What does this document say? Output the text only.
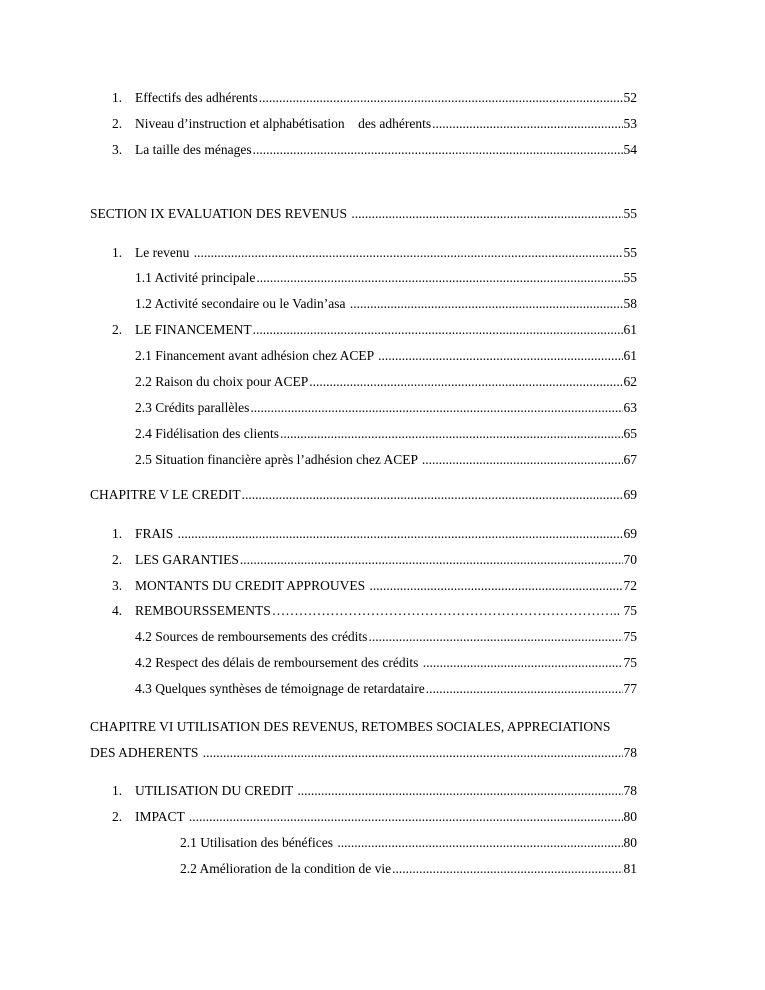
1. Effectifs des adhérents .....	52
2. Niveau d’instruction et alphabétisation    des adhérents .....	53
3. La taille des ménages .....	54
SECTION IX EVALUATION DES REVENUS .....	55
1. Le revenu .....	55
1.1 Activité principale .....	55
1.2 Activité secondaire ou le Vadin’asa .....	58
2. LE FINANCEMENT .....	61
2.1 Financement avant adhésion chez ACEP .....	61
2.2 Raison du choix pour ACEP .....	62
2.3 Crédits parallèles .....	63
2.4 Fidélisation des clients .....	65
2.5 Situation financière après l’adhésion chez ACEP .....	67
CHAPITRE V LE CREDIT .....	69
1. FRAIS .....	69
2. LES GARANTIES .....	70
3. MONTANTS DU CREDIT APPROUVES .....	72
4. REMBOURSSEMENTS ……………………………………………………………………………………………………………………………………………………	.. 75
4.2 Sources de remboursements des crédits .....	75
4.2 Respect des délais de remboursement des crédits .....	75
4.3 Quelques synthèses de témoignage de retardataire .....	77
CHAPITRE VI UTILISATION DES REVENUS, RETOMBES SOCIALES, APPRECIATIONS
DES ADHERENTS .....	78
1. UTILISATION DU CREDIT .....	78
2. IMPACT .....	80
2.1 Utilisation des bénéfices .....	80
2.2 Amélioration de la condition de vie .....	81
